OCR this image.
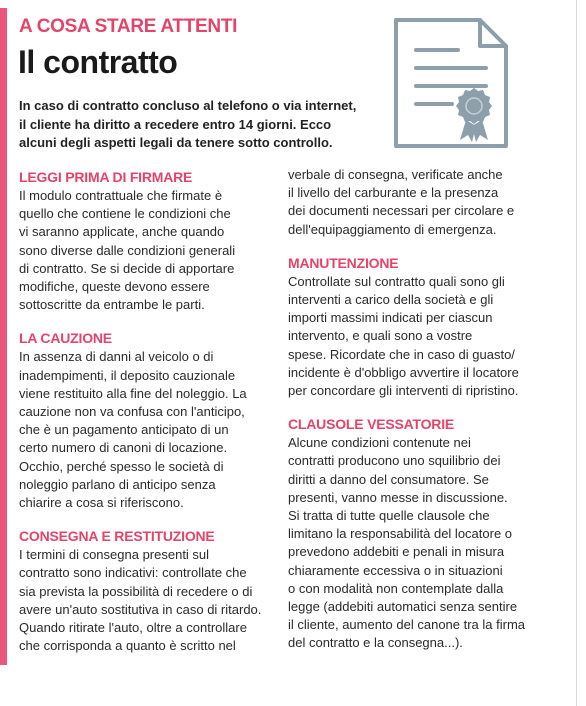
A COSA STARE ATTENTI
Il contratto
In caso di contratto concluso al telefono o via internet,
il cliente ha diritto a recedere entro 14 giorni. Ecco
alcuni degli aspetti legali da tenere sotto controllo.
LEGGI PRIMA DI FIRMARE
Il modulo contrattuale che firmate è
quello che contiene le condizioni che
vi saranno applicate, anche quando
sono diverse dalle condizioni generali
di contratto. Se si decide di apportare
modifiche, queste devono essere
sottoscritte da entrambe le parti.
LA CAUZIONE
In assenza di danni al veicolo o di
inadempimenti, il deposito cauzionale
viene restituito alla fine del noleggio. La
cauzione non va confusa con l'anticipo,
che è un pagamento anticipato di un
certo numero di canoni di locazione.
Occhio, perché spesso le società di
noleggio parlano di anticipo senza
chiarire a cosa si riferiscono.
CONSEGNA E RESTITUZIONE
I termini di consegna presenti sul
contratto sono indicativi: controllate che
sia prevista la possibilità di recedere o di
avere un'auto sostitutiva in caso di ritardo.
Quando ritirate l'auto, oltre a controllare
che corrisponda a quanto è scritto nel
verbale di consegna, verificate anche
il livello del carburante e la presenza
dei documenti necessari per circolare e
dell'equipaggiamento di emergenza.
MANUTENZIONE
Controllate sul contratto quali sono gli
interventi a carico della società e gli
importi massimi indicati per ciascun
intervento, e quali sono a vostre
spese. Ricordate che in caso di guasto/
incidente è d'obbligo avvertire il locatore
per concordare gli interventi di ripristino.
CLAUSOLE VESSATORIE
Alcune condizioni contenute nei
contratti producono uno squilibrio dei
diritti a danno del consumatore. Se
presenti, vanno messe in discussione.
Si tratta di tutte quelle clausole che
limitano la responsabilità del locatore o
prevedono addebiti e penali in misura
chiaramente eccessiva o in situazioni
o con modalità non contemplate dalla
legge (addebiti automatici senza sentire
il cliente, aumento del canone tra la firma
del contratto e la consegna...).
